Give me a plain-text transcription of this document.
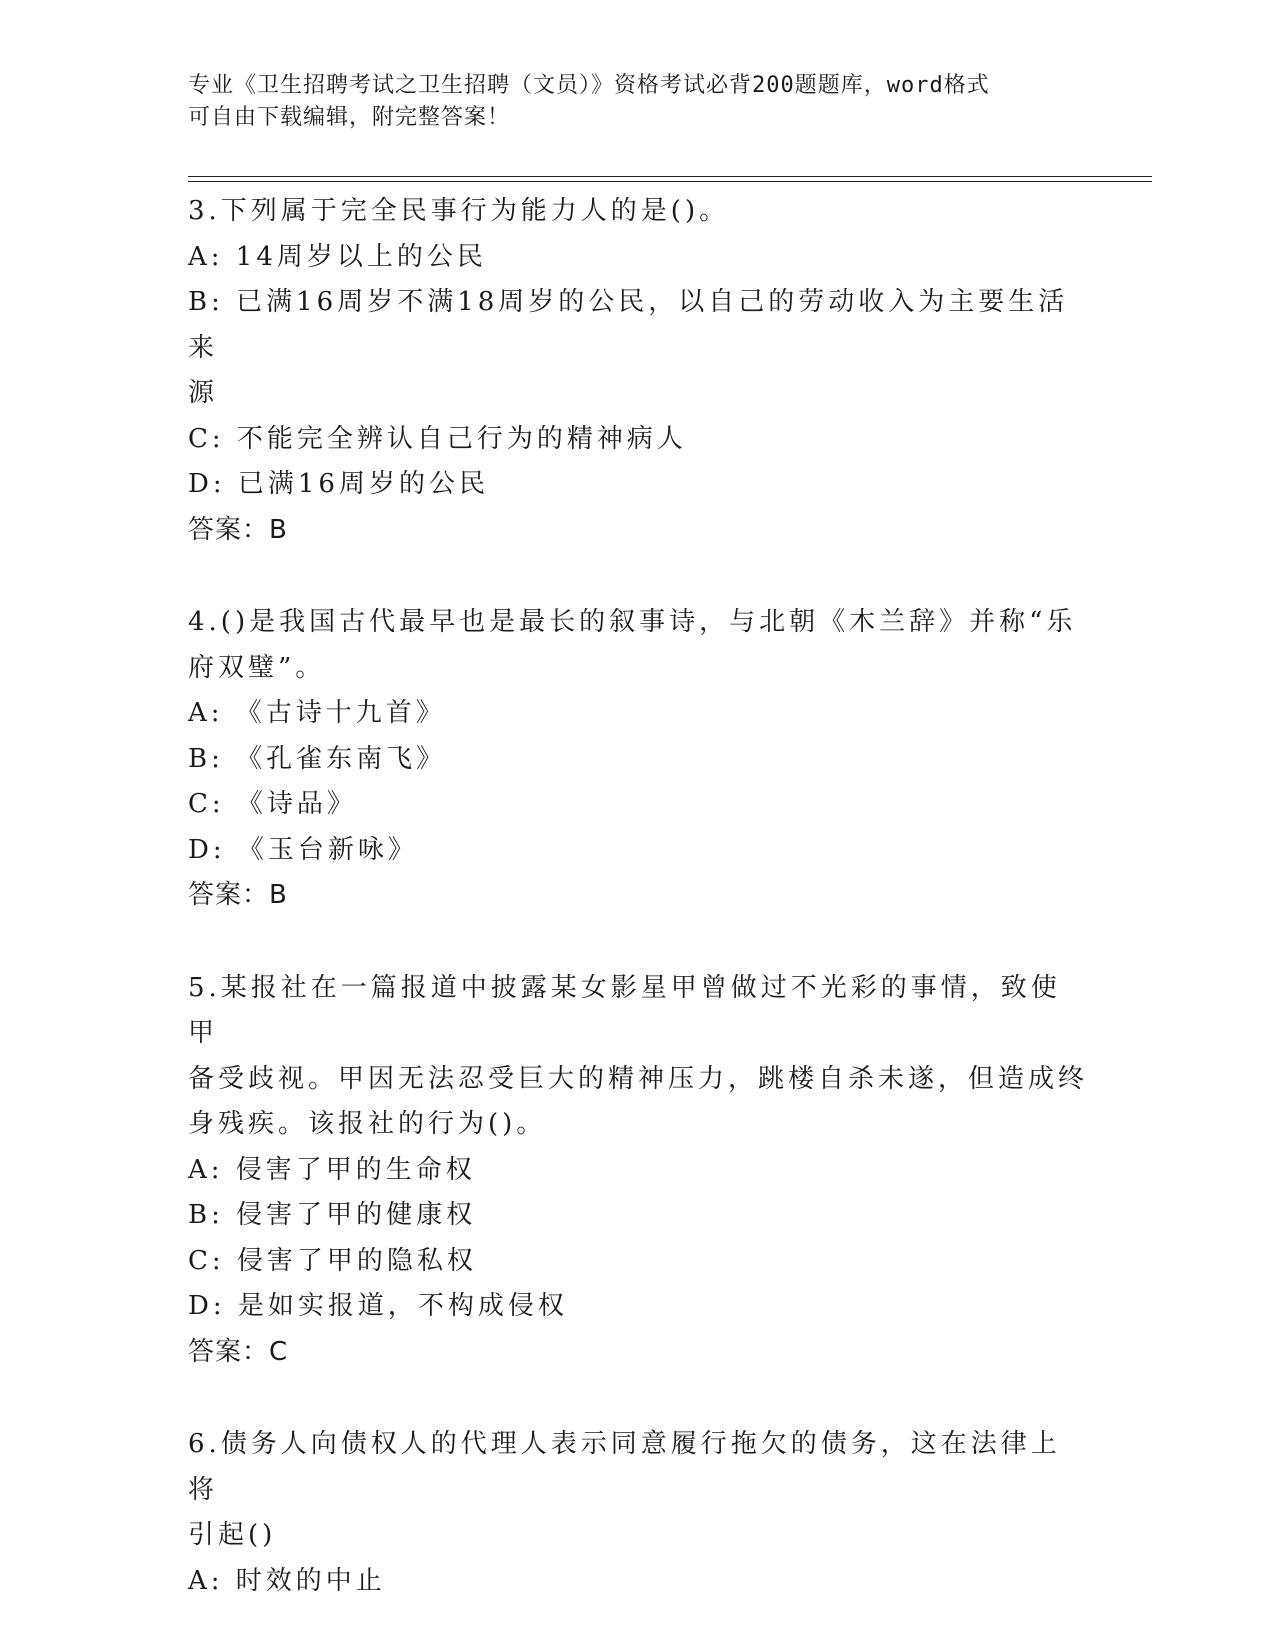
专业《卫生招聘考试之卫生招聘（文员）》资格考试必背200题题库，word格式
可自由下载编辑，附完整答案！
3.下列属于完全民事行为能力人的是()。
A: 14周岁以上的公民
B: 已满16周岁不满18周岁的公民，以自己的劳动收入为主要生活来
源
C: 不能完全辨认自己行为的精神病人
D: 已满16周岁的公民
答案：B
4.()是我国古代最早也是最长的叙事诗，与北朝《木兰辞》并称“乐
府双璧”。
A: 《古诗十九首》
B: 《孔雀东南飞》
C: 《诗品》
D: 《玉台新咏》
答案：B
5.某报社在一篇报道中披露某女影星甲曾做过不光彩的事情，致使甲
备受歧视。甲因无法忍受巨大的精神压力，跳楼自杀未遂，但造成终
身残疾。该报社的行为()。
A: 侵害了甲的生命权
B: 侵害了甲的健康权
C: 侵害了甲的隐私权
D: 是如实报道，不构成侵权
答案：C
6.债务人向债权人的代理人表示同意履行拖欠的债务，这在法律上将
引起()
A: 时效的中止
